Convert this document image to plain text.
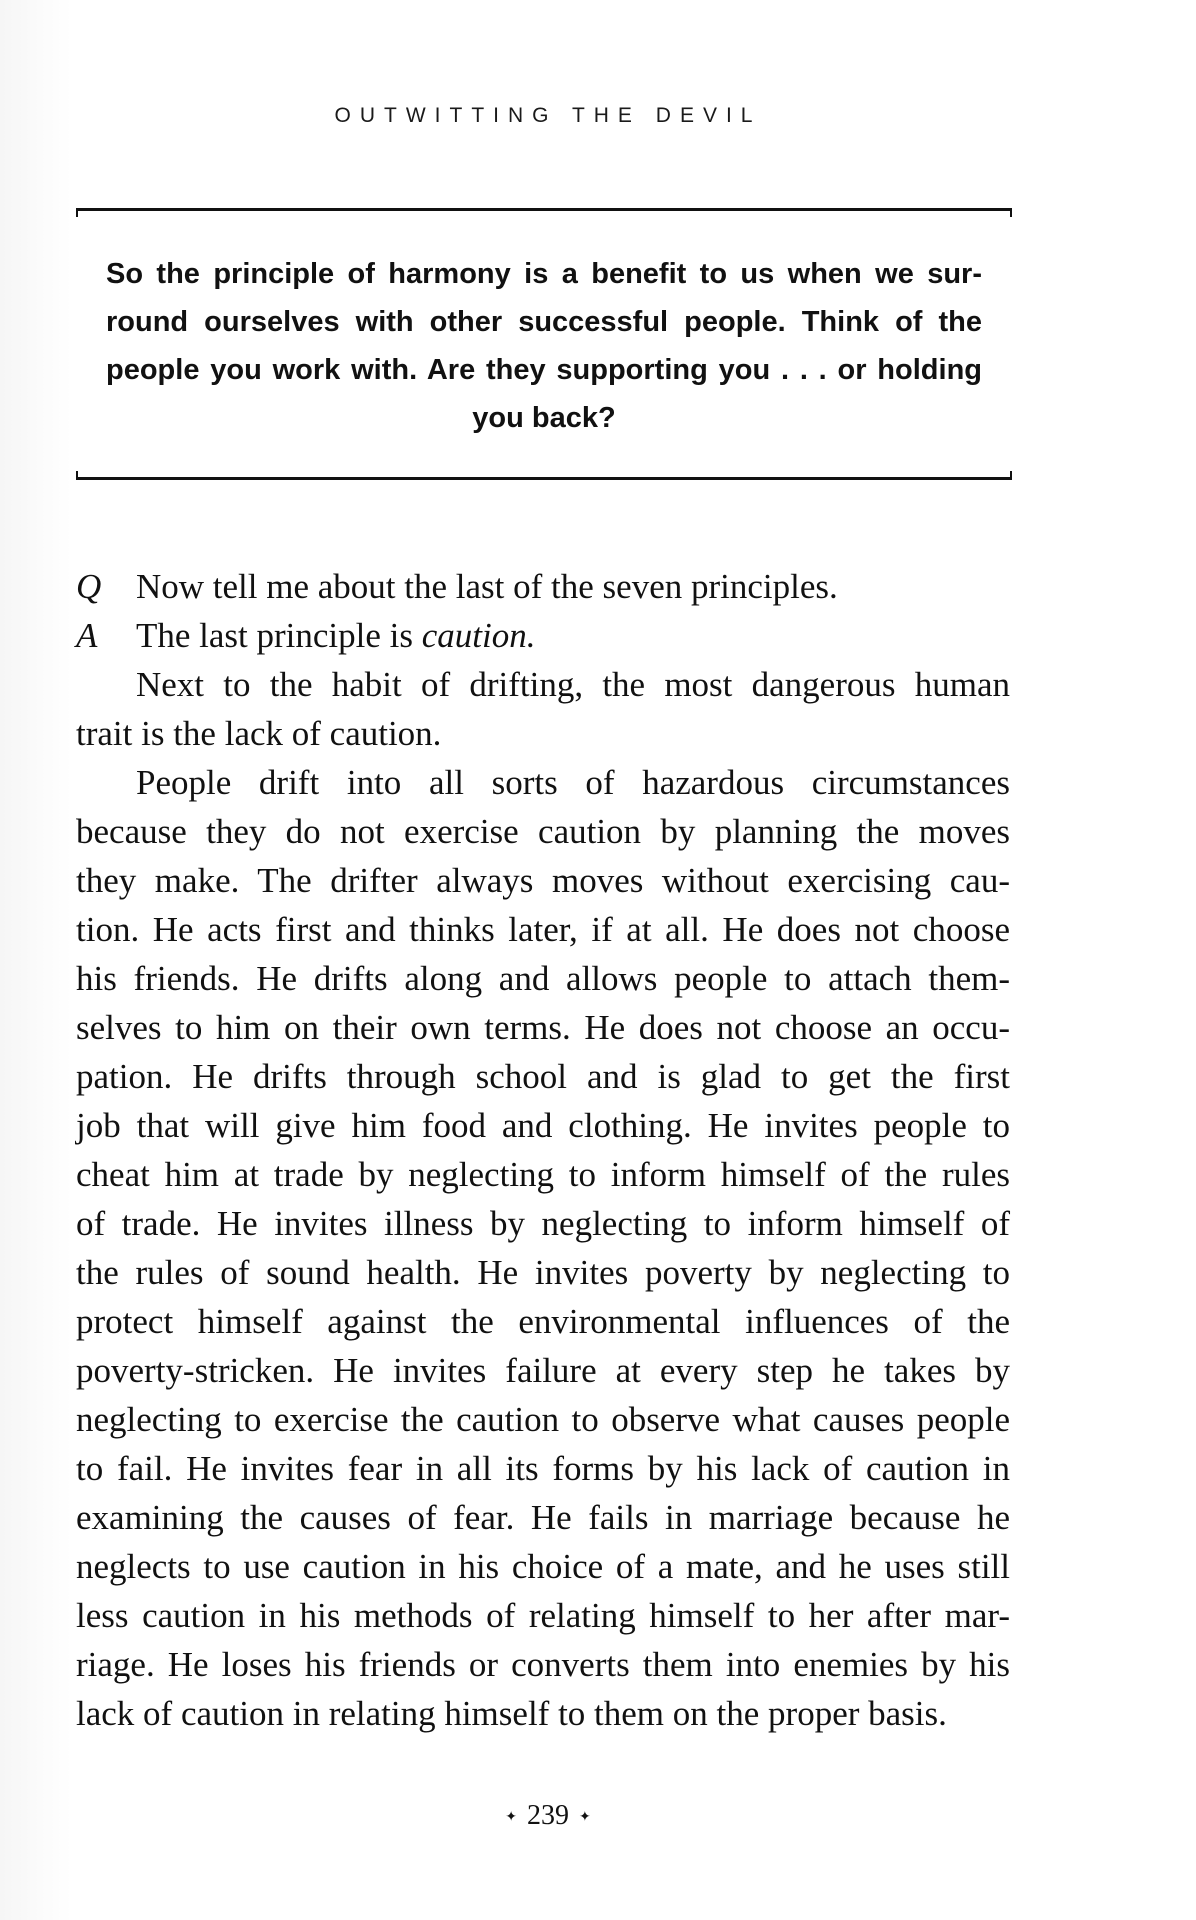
OUTWITTING THE DEVIL
So the principle of harmony is a benefit to us when we sur-
round ourselves with other successful people. Think of the
people you work with. Are they supporting you . . . or holding
you back?
Q Now tell me about the last of the seven principles.
A	The last principle is caution.
Next to the habit of drifting, the most dangerous human
trait is the lack of caution.
People drift into all sorts of hazardous circumstances
because they do not exercise caution by planning the moves
they make. The drifter always moves without exercising cau-
tion. He acts first and thinks later, if at all. He does not choose
his friends. He drifts along and allows people to attach them-
selves to him on their own terms. He does not choose an occu-
pation. He drifts through school and is glad to get the first
job that will give him food and clothing. He invites people to
cheat him at trade by neglecting to inform himself of the rules
of trade. He invites illness by neglecting to inform himself of
the rules of sound health. He invites poverty by neglecting to
protect himself against the environmental influences of the
poverty-stricken. He invites failure at every step he takes by
neglecting to exercise the caution to observe what causes people
to fail. He invites fear in all its forms by his lack of caution in
examining the causes of fear. He fails in marriage because he
neglects to use caution in his choice of a mate, and he uses still
less caution in his methods of relating himself to her after mar-
riage. He loses his friends or converts them into enemies by his
lack of caution in relating himself to them on the proper basis.
✦ 239 ✦
